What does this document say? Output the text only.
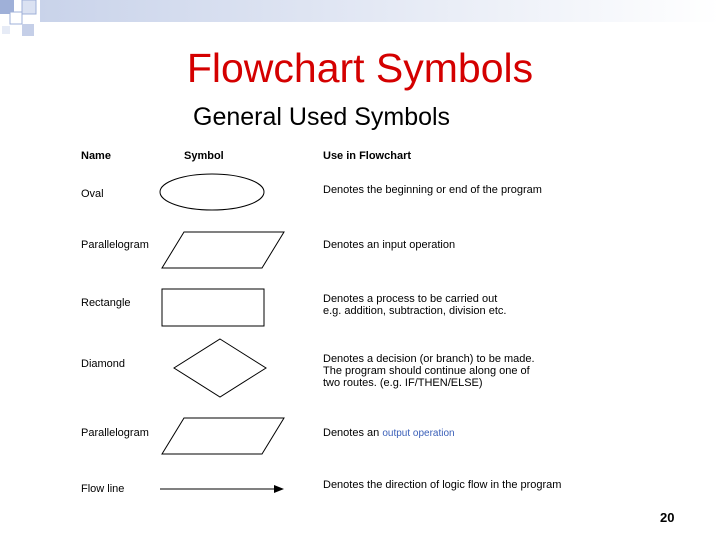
Flowchart Symbols
General Used Symbols
Name	Symbol	Use in Flowchart
Oval
Parallelogram
Rectangle
Diamond
Parallelogram
Flow line
Denotes the beginning or end of the program
Denotes an input operation
Denotes a process to be carried out
e.g. addition, subtraction, division etc.
Denotes a decision (or branch) to be made.
The program should continue along one of
two routes. (e.g. IF/THEN/ELSE)
Denotes an output operation
Denotes the direction of logic flow in the program
20
